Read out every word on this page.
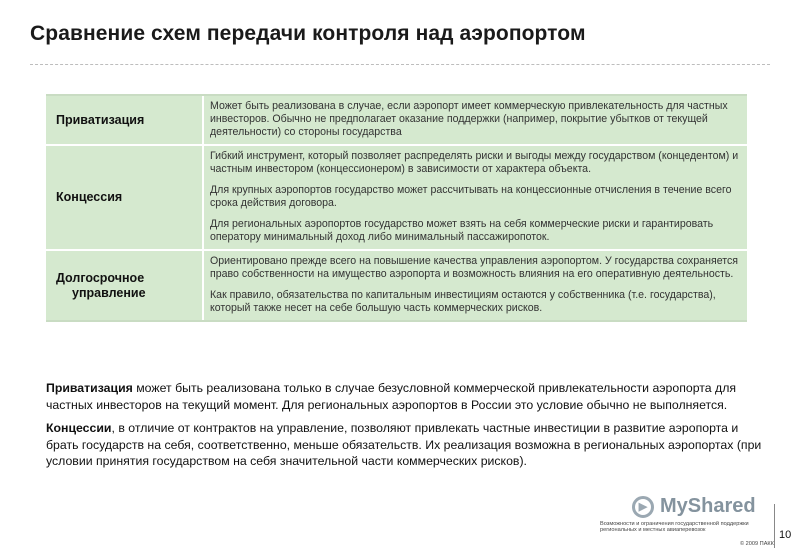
Сравнение схем передачи контроля над аэропортом
Приватизация

Может быть реализована в случае, если аэропорт имеет коммерческую привлекательность для частных инвесторов. Обычно не предполагает оказание поддержки (например, покрытие убытков от текущей деятельности) со стороны государства

Концессия

Гибкий инструмент, который позволяет распределять риски и выгоды между государством (концедентом) и частным инвестором (концессионером) в зависимости от характера объекта.

Для крупных аэропортов государство может рассчитывать на концессионные отчисления в течение всего срока действия договора.

Для региональных аэропортов государство может взять на себя коммерческие риски и гарантировать оператору минимальный доход либо минимальный пассажиропоток.

Долгосрочное
управление

Ориентировано прежде всего на повышение качества управления аэропортом. У государства сохраняется право собственности на имущество аэропорта и возможность влияния на его оперативную деятельность.

Как правило, обязательства по капитальным инвестициям остаются у собственника (т.е. государства), который также несет на себе большую часть коммерческих рисков.

Приватизация может быть реализована только в случае безусловной коммерческой привлекательности аэропорта для частных инвесторов на текущий момент. Для региональных аэропортов в России это условие обычно не выполняется.

Концессии, в отличие от контрактов на управление, позволяют привлекать частные инвестиции в развитие аэропорта и брать государств на себя, соответственно, меньше обязательств. Их реализация возможна в региональных аэропортах (при условии принятия государством на себя значительной части коммерческих рисков).

▶ MyShared
Возможности и ограничения государственной поддержки региональных и местных авиаперевозок
© 2009 ПАКК
10
